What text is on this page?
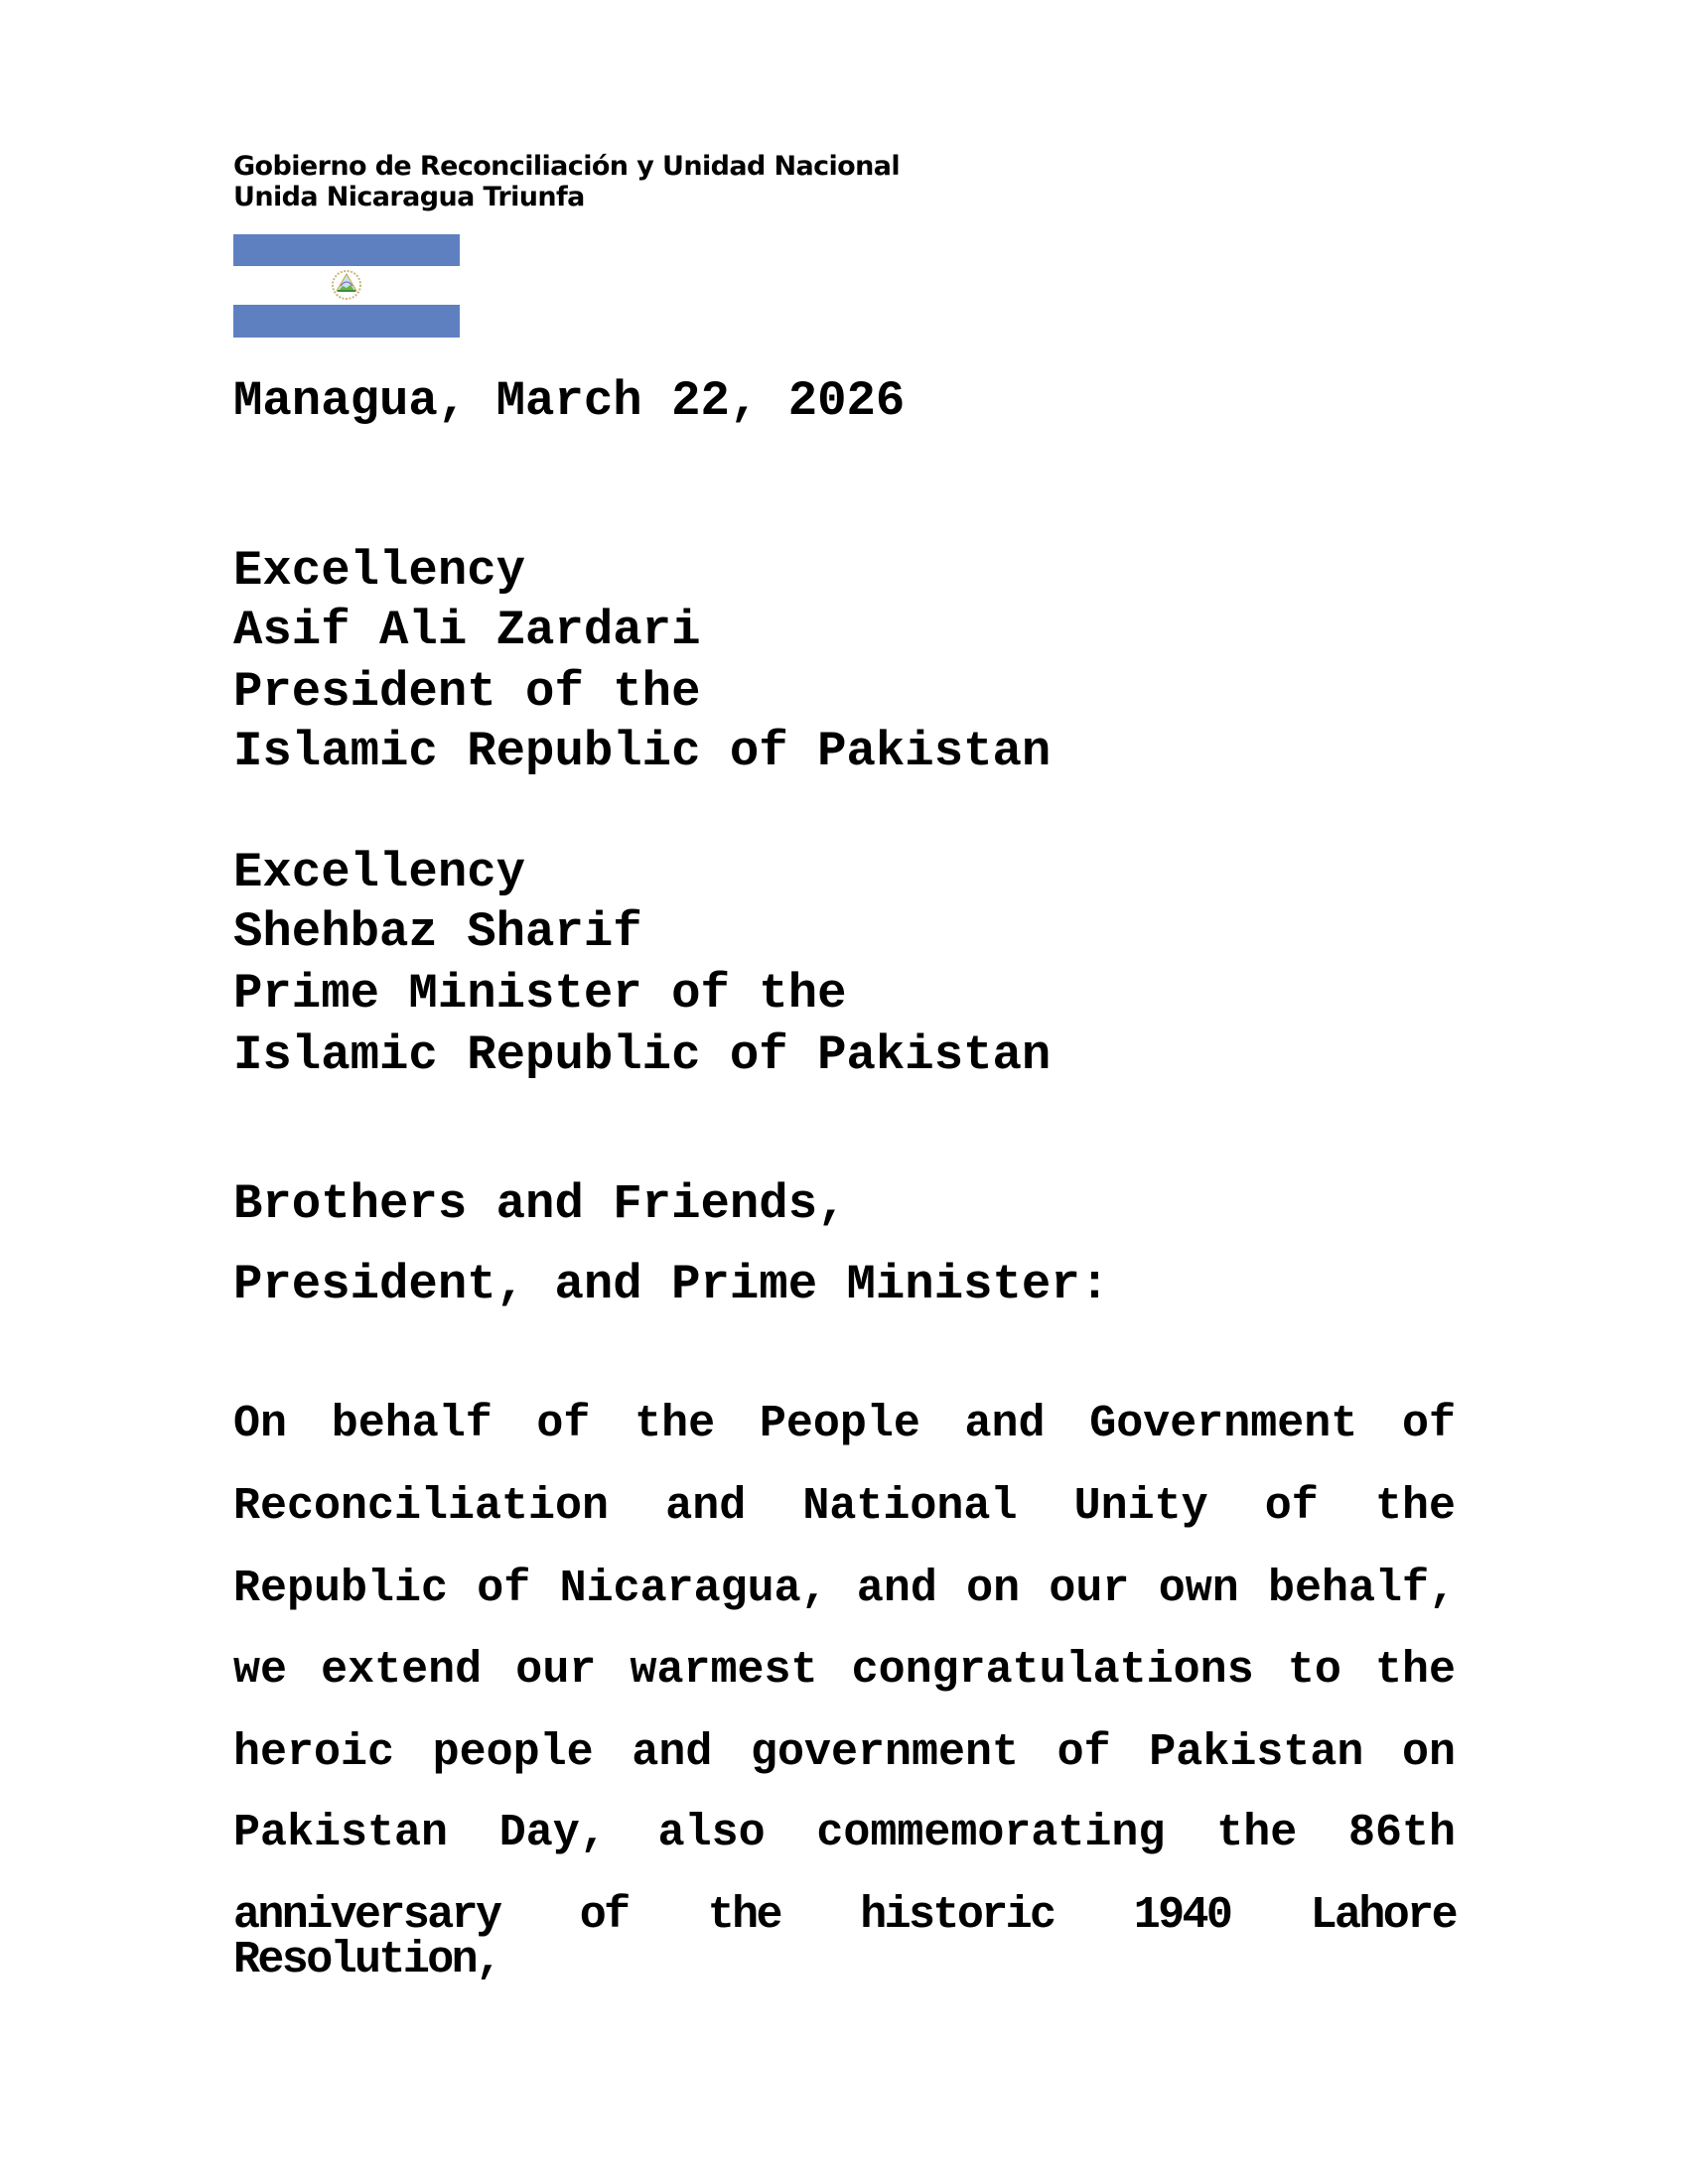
Gobierno de Reconciliación y Unidad Nacional
Unida Nicaragua Triunfa
Managua, March 22, 2026
Excellency
Asif Ali Zardari
President of the
Islamic Republic of Pakistan
Excellency
Shehbaz Sharif
Prime Minister of the
Islamic Republic of Pakistan
Brothers and Friends,
President, and Prime Minister:
On behalf of the People and Government of
Reconciliation and National Unity of the
Republic of Nicaragua, and on our own behalf,
we extend our warmest congratulations to the
heroic people and government of Pakistan on
Pakistan Day, also commemorating the 86th
anniversary of the historic 1940 Lahore Resolution,
